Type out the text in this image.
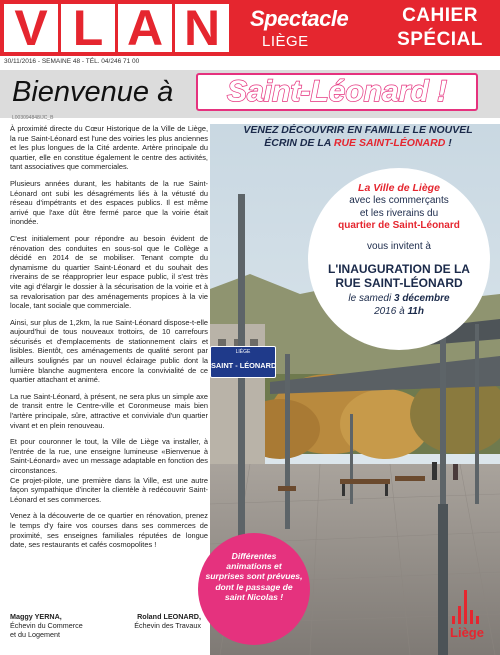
V L A N	Spectacle
LIÈGE
CAHIER
SPÉCIAL
30/11/2016 - SEMAINE 48 - TÉL. 04/246 71 00
Bienvenue à	Saint-Léonard !
L003094848/JC_B

À proximité directe du Cœur Historique de la Ville de Liège, la rue Saint-Léonard est l'une des voiries les plus anciennes et les plus longues de la Cité ardente. Artère principale du quartier, elle en constitue également le centre des activités, tant associatives que commerciales.

Plusieurs années durant, les habitants de la rue Saint-Léonard ont subi les désagréments liés à la vétusté du réseau d'impétrants et des espaces publics. Il est même arrivé que l'axe dût être fermé parce que la voirie était inondée.

C'est initialement pour répondre au besoin évident de rénovation des conduites en sous-sol que le Collège a décidé en 2014 de se mobiliser. Tenant compte du dynamisme du quartier Saint-Léonard et du souhait des riverains de se réapproprier leur espace public, il s'est très vite agi d'élargir le dossier à la sécurisation de la voirie et à sa revalorisation par des aménagements propices à la vie locale, tant sociale que commerciale.

Ainsi, sur plus de 1,2km, la rue Saint-Léonard dispose-t-elle aujourd'hui de tous nouveaux trottoirs, de 10 carrefours sécurisés et d'emplacements de stationnement clairs et lisibles. Bientôt, ces aménagements de qualité seront par ailleurs soulignés par un nouvel éclairage public dont la lumière blanche augmentera encore la convivialité de ce quartier attachant et animé.

La rue Saint-Léonard, à présent, ne sera plus un simple axe de transit entre le Centre-ville et Coronmeuse mais bien l'artère principale, sûre, attractive et conviviale d'un quartier vivant et en plein renouveau.

Et pour couronner le tout, la Ville de Liège va installer, à l'entrée de la rue, une enseigne lumineuse «Bienvenue à Saint-Léonard» avec un message adaptable en fonction des circonstances.
Ce projet-pilote, une première dans la Ville, est une autre façon sympathique d'inciter la clientèle à redécouvrir Saint-Léonard et ses commerces.

Venez à la découverte de ce quartier en rénovation, prenez le temps d'y faire vos courses dans ses commerces de proximité, ses enseignes familiales réputées de longue date, ses restaurants et cafés cosmopolites !

Maggy YERNA,
Échevin du Commerce
et du Logement
Roland LEONARD,
Échevin des Travaux
LIÈGE
SAINT - LÉONARD
VENEZ DÉCOUVRIR EN FAMILLE LE NOUVEL
ÉCRIN DE LA RUE SAINT-LÉONARD !
La Ville de Liège
avec les commerçants
et les riverains du
quartier de Saint-Léonard
vous invitent à
L'INAUGURATION DE LA
RUE SAINT-LÉONARD
le samedi 3 décembre
2016 à 11h
Différentes
animations et
surprises sont prévues,
dont le passage de
saint Nicolas !
Liège
